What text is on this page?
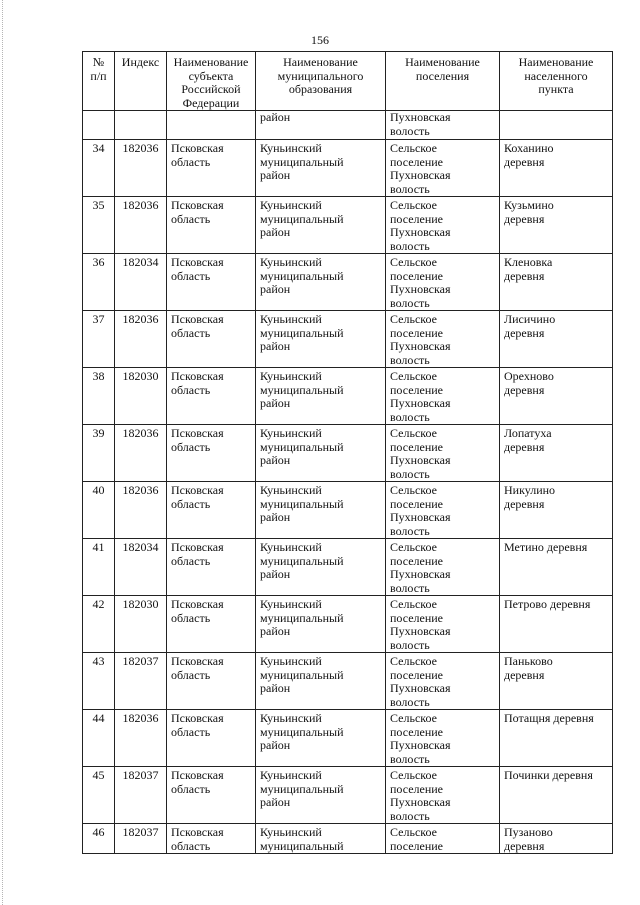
156
№
п/п	Индекс	Наименование
субъекта
Российской
Федерации	Наименование
муниципального
образования	Наименование
поселения	Наименование
населенного
пункта

			район	Пухновская
волость	

34	182036	Псковская
область	Куньинский
муниципальный
район	Сельское
поселение
Пухновская
волость	Коханино
деревня

35	182036	Псковская
область	Куньинский
муниципальный
район	Сельское
поселение
Пухновская
волость	Кузьмино
деревня

36	182034	Псковская
область	Куньинский
муниципальный
район	Сельское
поселение
Пухновская
волость	Кленовка
деревня

37	182036	Псковская
область	Куньинский
муниципальный
район	Сельское
поселение
Пухновская
волость	Лисичино
деревня

38	182030	Псковская
область	Куньинский
муниципальный
район	Сельское
поселение
Пухновская
волость	Орехново
деревня

39	182036	Псковская
область	Куньинский
муниципальный
район	Сельское
поселение
Пухновская
волость	Лопатуха
деревня

40	182036	Псковская
область	Куньинский
муниципальный
район	Сельское
поселение
Пухновская
волость	Никулино
деревня

41	182034	Псковская
область	Куньинский
муниципальный
район	Сельское
поселение
Пухновская
волость	Метино деревня

42	182030	Псковская
область	Куньинский
муниципальный
район	Сельское
поселение
Пухновская
волость	Петрово деревня

43	182037	Псковская
область	Куньинский
муниципальный
район	Сельское
поселение
Пухновская
волость	Паньково
деревня

44	182036	Псковская
область	Куньинский
муниципальный
район	Сельское
поселение
Пухновская
волость	Потащня деревня

45	182037	Псковская
область	Куньинский
муниципальный
район	Сельское
поселение
Пухновская
волость	Починки деревня

46	182037	Псковская
область	Куньинский
муниципальный	Сельское
поселение	Пузаново
деревня
